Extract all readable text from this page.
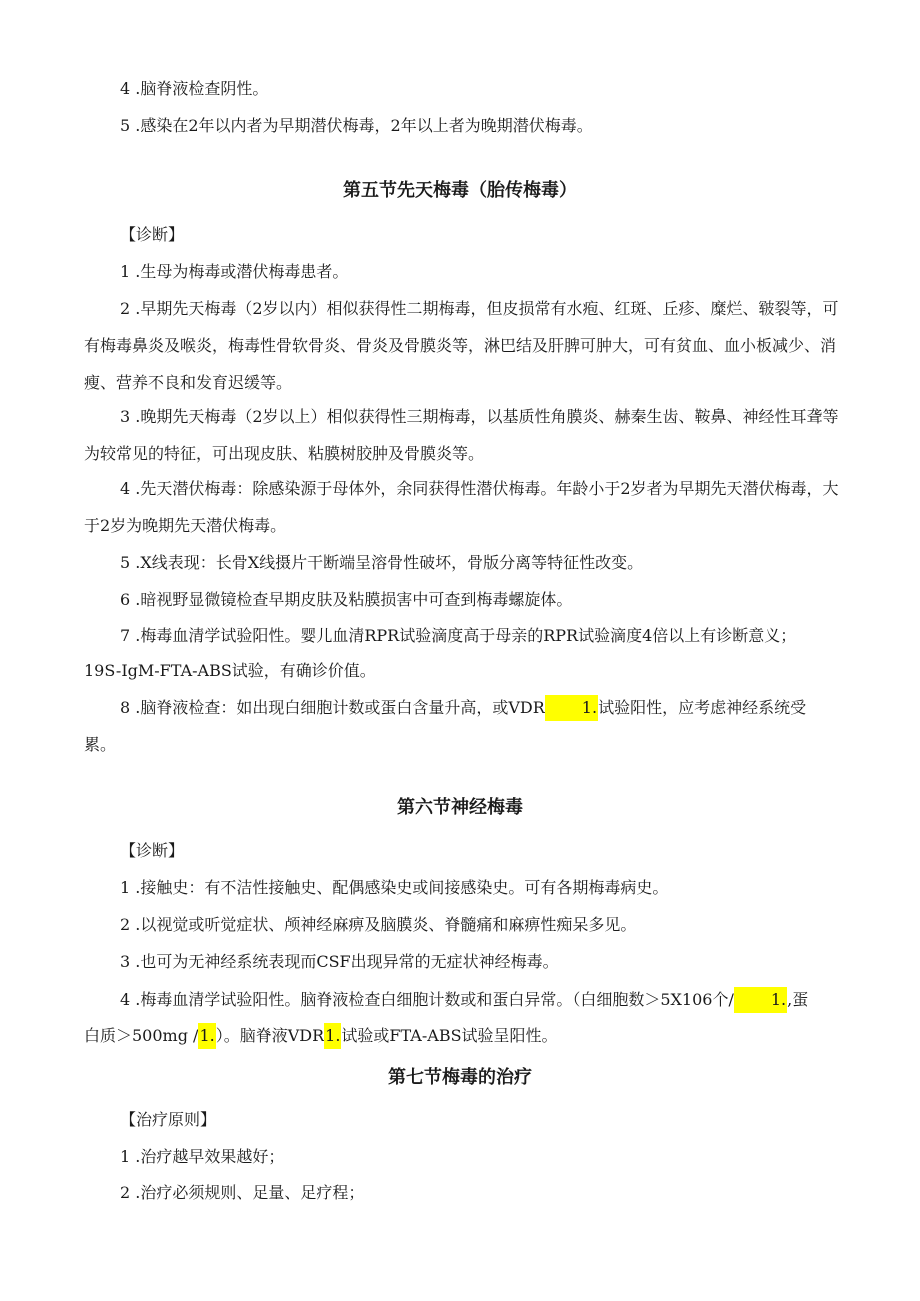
4 .脑脊液检查阴性。

5 .感染在2年以内者为早期潜伏梅毒，2年以上者为晚期潜伏梅毒。

第五节先天梅毒（胎传梅毒）

【诊断】

1 .生母为梅毒或潜伏梅毒患者。

2 .早期先天梅毒（2岁以内）相似获得性二期梅毒，但皮损常有水疱、红斑、丘疹、糜烂、皲裂等，可有梅毒鼻炎及喉炎，梅毒性骨软骨炎、骨炎及骨膜炎等，淋巴结及肝脾可肿大，可有贫血、血小板减少、消瘦、营养不良和发育迟缓等。

3 .晚期先天梅毒（2岁以上）相似获得性三期梅毒，以基质性角膜炎、赫秦生齿、鞍鼻、神经性耳聋等为较常见的特征，可出现皮肤、粘膜树胶肿及骨膜炎等。

4 .先天潜伏梅毒：除感染源于母体外，余同获得性潜伏梅毒。年龄小于2岁者为早期先天潜伏梅毒，大于2岁为晚期先天潜伏梅毒。

5 .X线表现：长骨X线摄片干断端呈溶骨性破坏，骨版分离等特征性改变。

6 .暗视野显微镜检查早期皮肤及粘膜损害中可查到梅毒螺旋体。

7 .梅毒血清学试验阳性。婴儿血清RPR试验滴度高于母亲的RPR试验滴度4倍以上有诊断意义；

19S-IgM-FTA-ABS试验，有确诊价值。

8 .脑脊液检查：如出现白细胞计数或蛋白含量升高，或VDR 1.试验阳性，应考虑神经系统受

累。

第六节神经梅毒

【诊断】

1 .接触史：有不洁性接触史、配偶感染史或间接感染史。可有各期梅毒病史。

2 .以视觉或听觉症状、颅神经麻痹及脑膜炎、脊髓痛和麻痹性痴呆多见。

3 .也可为无神经系统表现而CSF出现异常的无症状神经梅毒。

4 .梅毒血清学试验阳性。脑脊液检查白细胞计数或和蛋白异常。（白细胞数＞5X106个/ 1.,蛋

白质＞500mg /1.）。脑脊液VDR1.试验或FTA-ABS试验呈阳性。

第七节梅毒的治疗

【治疗原则】

1 .治疗越早效果越好；

2 .治疗必须规则、足量、足疗程；
